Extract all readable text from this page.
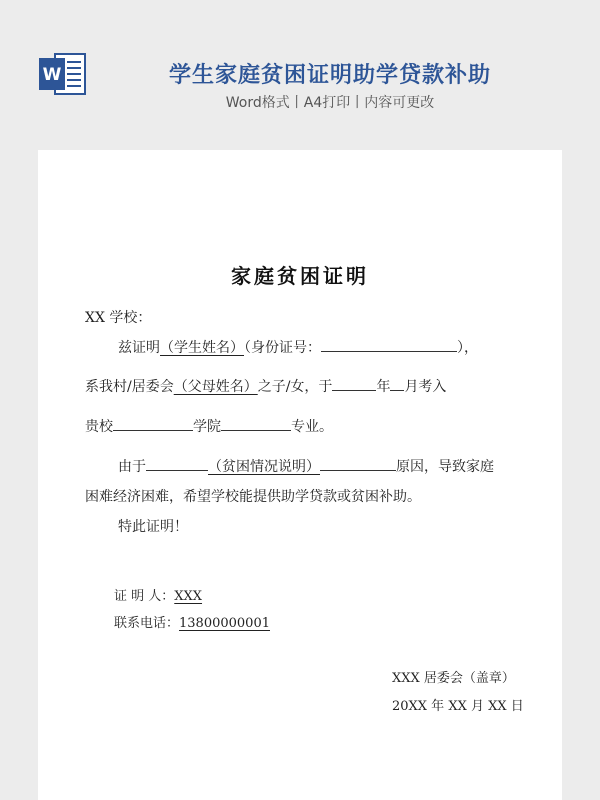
W	学生家庭贫困证明助学贷款补助
Word格式丨A4打印丨内容可更改
家庭贫困证明
XX 学校：
兹证明（学生姓名）（身份证号：	），
系我村/居委会（父母姓名）之子/女，于	年 月考入
贵校	学院	专业。
由于	（贫困情况说明）	原因，导致家庭
困难经济困难，希望学校能提供助学贷款或贫困补助。
特此证明！
证 明 人：XXX
联系电话：13800000001
XXX 居委会（盖章）
20XX 年 XX 月 XX 日
